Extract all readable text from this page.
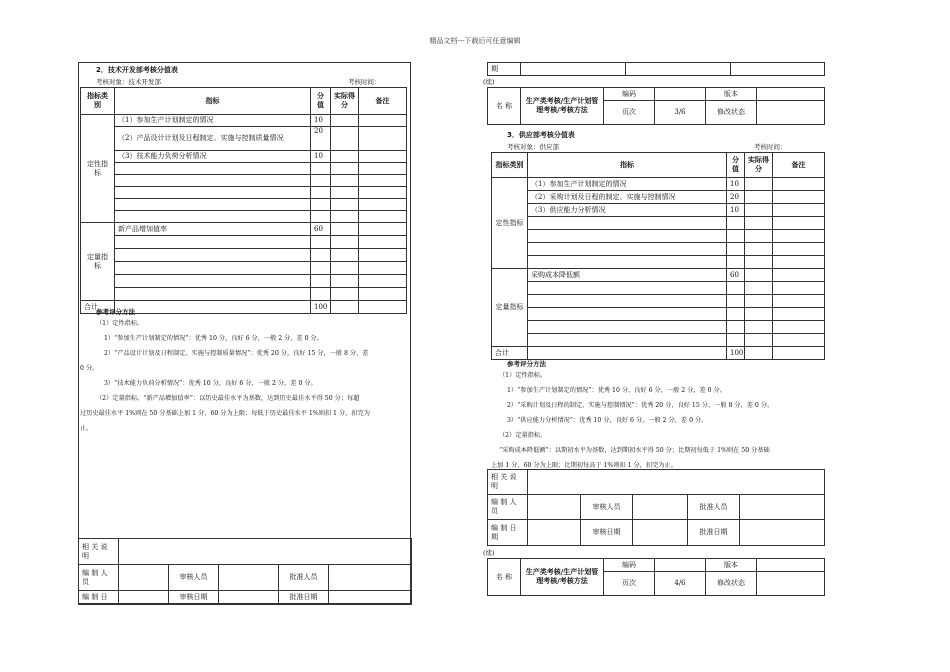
精品文档---下载后可任意编辑
2．技术开发部考核分值表
考核对象：技术开发部	考核时间：
指标类别	指标	分值	实际得分	备注
定性指标	（1）参加生产计划制定的情况	10		
	（2）产品设计计划及日程制定、实施与控制质量情况	20		
	（3）技术能力负荷分析情况	10		

定量指标	新产品增加值率	60		

合计		100		
参考评分方法
（1）定性指标。
1）“参加生产计划制定的情况”：优秀 10 分，良好 6 分，一般 2 分，差 0 分。
2）“产品设计计划及日程制定、实施与控制质量情况”：优秀 20 分，良好 15 分，一般 8 分，差
0 分。
3）“技术能力负荷分析情况”：优秀 10 分，良好 6 分，一般 2 分，差 0 分。
（2）定量指标。“新产品增加值率”：以历史最佳水平为基数，达到历史最佳水平得 50 分；每超
过历史最佳水平 1%则在 50 分基础上加 1 分，60 分为上限；每低于历史最佳水平 1%则扣 1 分，扣完为
止。
相 关 说 明					
编 制 人 员		审核人员		批准人员	
编 制 日		审核日期		批准日期	
期			
(续)
名 称	生产类考核/生产计划管理考核/考核方法	编码		版本	
		页次	3/6	修改状态	
3．供应部考核分值表
考核对象：供应部	考核时间：
指标类别	指标	分值	实际得分	备注
定性指标	（1）参加生产计划制定的情况	10		
	（2）采购计划及日程的制定、实施与控制情况	20		
	（3）供应能力分析情况	10		

定量指标	采购成本降低额	60		

合计		100		
参考评分方法
（1）定性指标。
1）“参加生产计划制定的情况”：优秀 10 分，良好 6 分，一般 2 分，差 0 分。
2）“采购计划及日程的制定、实施与控制情况”：优秀 20 分，良好 15 分，一般 8 分，差 0 分。
3）“供应能力分析情况”：优秀 10 分，良好 6 分，一般 2 分，差 0 分。
（2）定量指标。
“采购成本降低额”：以期初水平为基数，达到期初水平得 50 分；比期初每低于 1%则在 50 分基础
上加 1 分，60 分为上限；比期初每高于 1%则扣 1 分，扣完为止。
相 关 说 明					
编 制 人 员		审核人员		批准人员	
编 制 日 期		审核日期		批准日期	
(续)
名 称	生产类考核/生产计划管理考核/考核方法	编码		版本	
		页次	4/6	修改状态	
